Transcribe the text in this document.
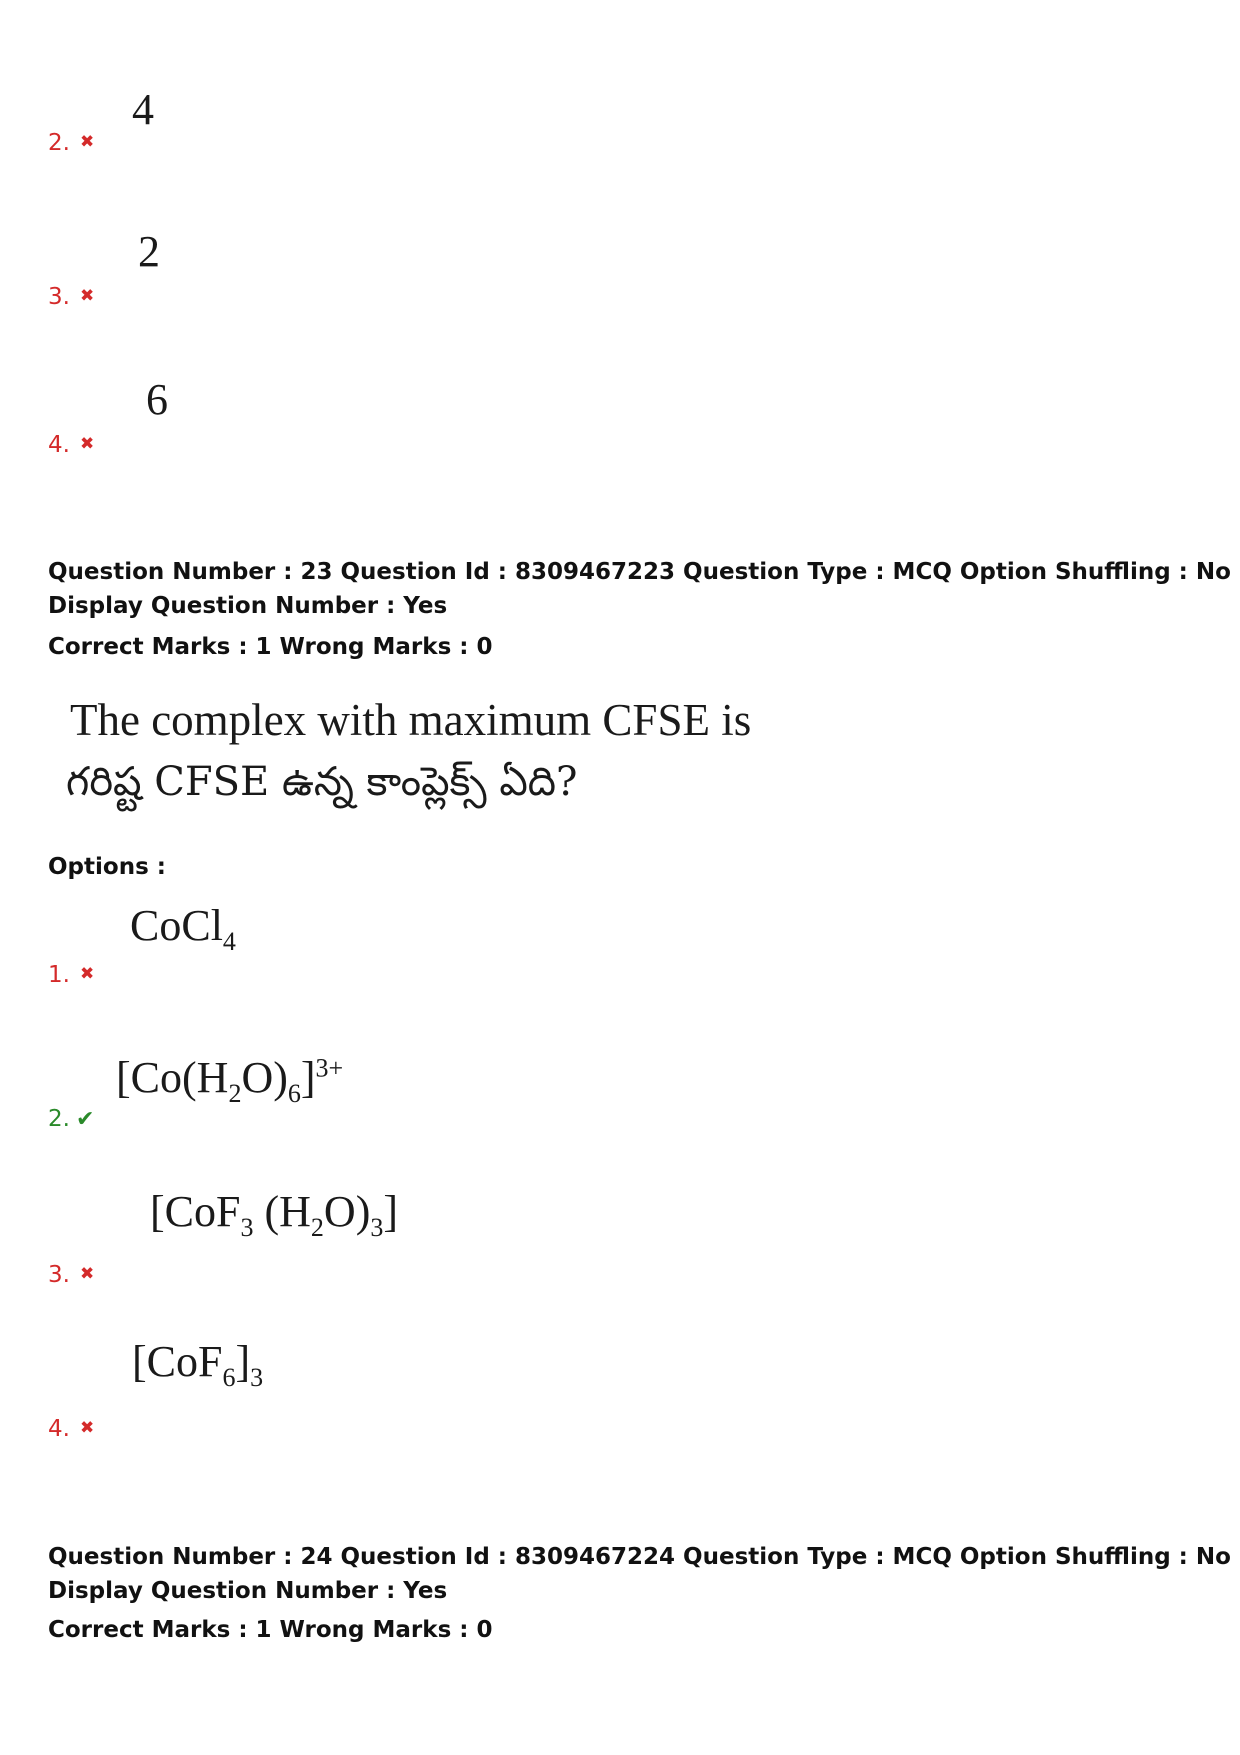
4
2. ✖
2
3. ✖
6
4. ✖
Question Number : 23 Question Id : 8309467223 Question Type : MCQ Option Shuffling : No
Display Question Number : Yes
Correct Marks : 1 Wrong Marks : 0
The complex with maximum CFSE is
గరిష్ట CFSE ఉన్న కాంప్లెక్స్ ఏది?
Options :
CoCl$_4$
1. ✖
$[Co(H_2O)_6]^{3+}$
2. ✔
[CoF$_3$ $(H_2O)_3$]
3. ✖
$[CoF_6]_3$
4. ✖
Question Number : 24 Question Id : 8309467224 Question Type : MCQ Option Shuffling : No
Display Question Number : Yes
Correct Marks : 1 Wrong Marks : 0
